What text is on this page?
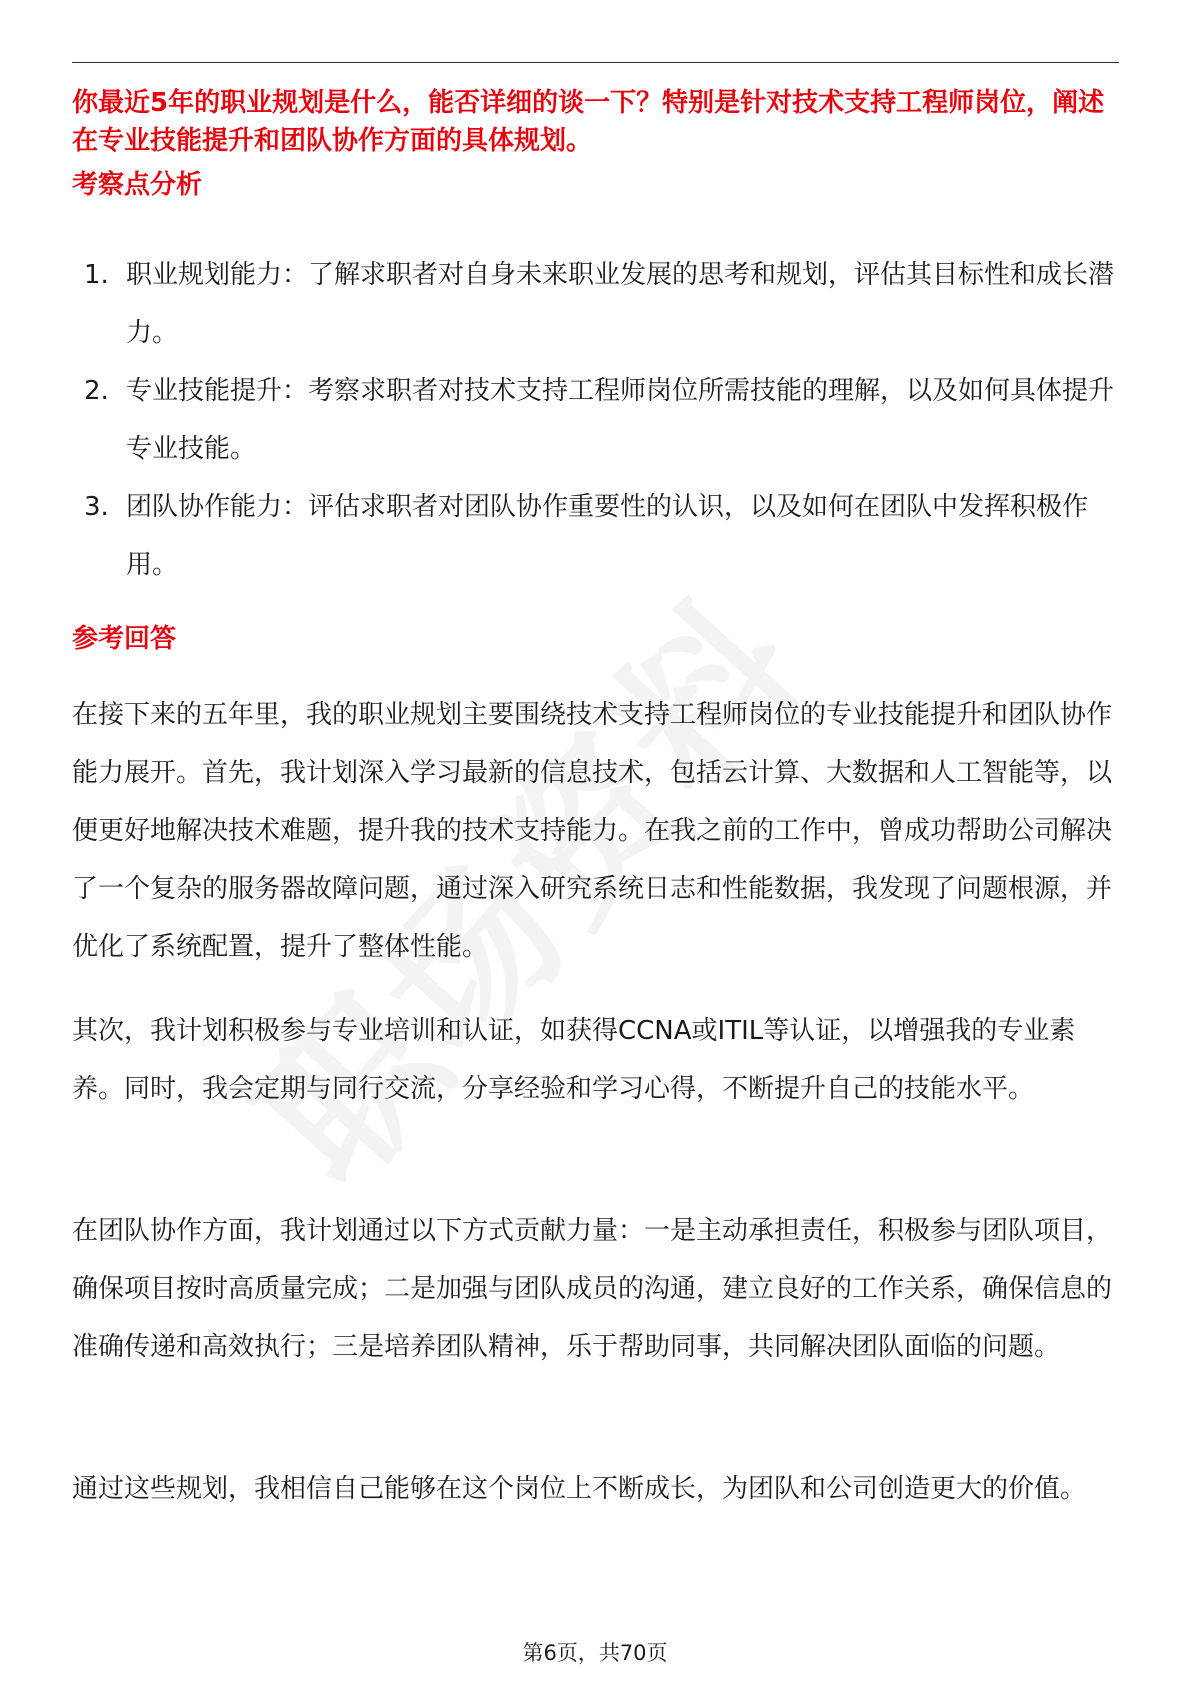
你最近5年的职业规划是什么，能否详细的谈一下？特别是针对技术支持工程师岗位，阐述在专业技能提升和团队协作方面的具体规划。

考察点分析
1. 职业规划能力：了解求职者对自身未来职业发展的思考和规划，评估其目标性和成长潜力。
2. 专业技能提升：考察求职者对技术支持工程师岗位所需技能的理解，以及如何具体提升专业技能。
3. 团队协作能力：评估求职者对团队协作重要性的认识，以及如何在团队中发挥积极作用。
参考回答

在接下来的五年里，我的职业规划主要围绕技术支持工程师岗位的专业技能提升和团队协作能力展开。首先，我计划深入学习最新的信息技术，包括云计算、大数据和人工智能等，以便更好地解决技术难题，提升我的技术支持能力。在我之前的工作中，曾成功帮助公司解决了一个复杂的服务器故障问题，通过深入研究系统日志和性能数据，我发现了问题根源，并优化了系统配置，提升了整体性能。

其次，我计划积极参与专业培训和认证，如获得CCNA或ITIL等认证，以增强我的专业素养。同时，我会定期与同行交流，分享经验和学习心得，不断提升自己的技能水平。

在团队协作方面，我计划通过以下方式贡献力量：一是主动承担责任，积极参与团队项目，确保项目按时高质量完成；二是加强与团队成员的沟通，建立良好的工作关系，确保信息的准确传递和高效执行；三是培养团队精神，乐于帮助同事，共同解决团队面临的问题。

通过这些规划，我相信自己能够在这个岗位上不断成长，为团队和公司创造更大的价值。

第6页，共70页
